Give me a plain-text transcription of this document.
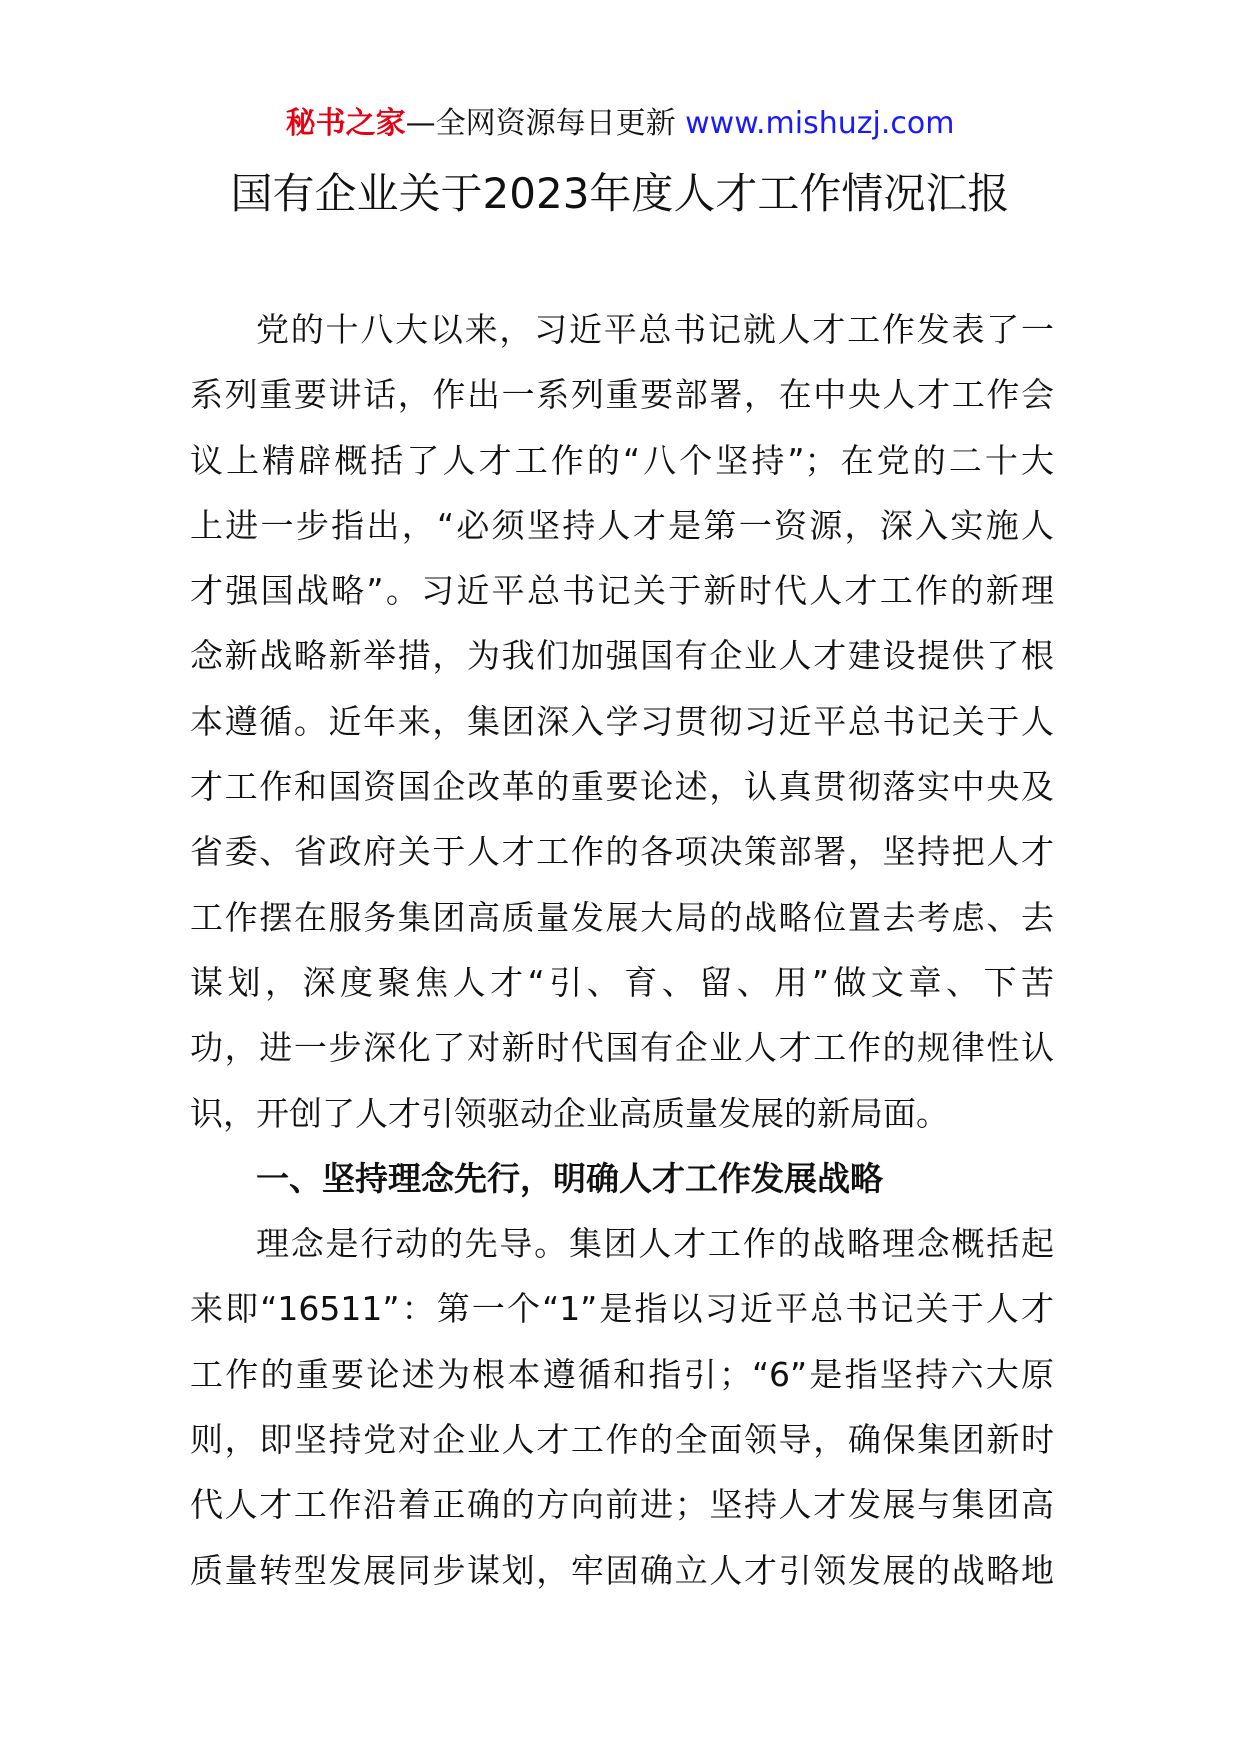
秘书之家—全网资源每日更新 www.mishuzj.com
国有企业关于2023年度人才工作情况汇报
党的十八大以来，习近平总书记就人才工作发表了一
系列重要讲话，作出一系列重要部署，在中央人才工作会
议上精辟概括了人才工作的“八个坚持”；在党的二十大
上进一步指出，“必须坚持人才是第一资源，深入实施人
才强国战略”。习近平总书记关于新时代人才工作的新理
念新战略新举措，为我们加强国有企业人才建设提供了根
本遵循。近年来，集团深入学习贯彻习近平总书记关于人
才工作和国资国企改革的重要论述，认真贯彻落实中央及
省委、省政府关于人才工作的各项决策部署，坚持把人才
工作摆在服务集团高质量发展大局的战略位置去考虑、去
谋划，深度聚焦人才“引、育、留、用”做文章、下苦
功，进一步深化了对新时代国有企业人才工作的规律性认
识，开创了人才引领驱动企业高质量发展的新局面。
一、坚持理念先行，明确人才工作发展战略
理念是行动的先导。集团人才工作的战略理念概括起
来即“16511”：第一个“1”是指以习近平总书记关于人才
工作的重要论述为根本遵循和指引；“6”是指坚持六大原
则，即坚持党对企业人才工作的全面领导，确保集团新时
代人才工作沿着正确的方向前进；坚持人才发展与集团高
质量转型发展同步谋划，牢固确立人才引领发展的战略地
